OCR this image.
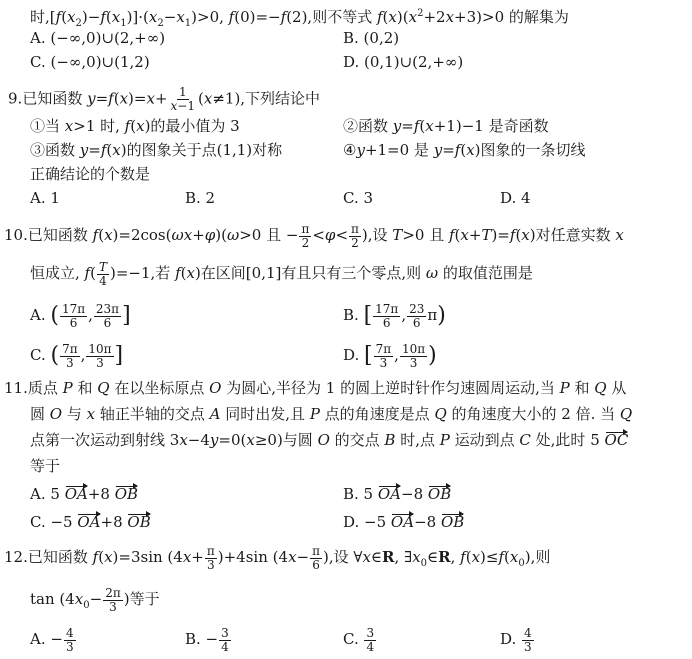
时$,[f(x_2)-f(x_1)]\cdot(x_2-x_1)>0$, f(0)=−f(2),则不等式 $f(x)(x^2+2x+3)>0$ 的解集为
A. (−∞,0)∪(2,+∞)	B. (0,2)
C. (−∞,0)∪(1,2)	D. (0,1)∪(2,+∞)
9.已知函数 $y=f(x)=x+ \frac{1}{x-1} (x\ne 1)$,下列结论中
①当 x>1 时, f(x)的最小值为 3	②函数 y=f(x+1)−1 是奇函数
③函数 y=f(x)的图象关于点(1,1)对称	④y+1=0 是 y=f(x)图象的一条切线
正确结论的个数是
A. 1	B. 2	C. 3	D. 4
10.已知函数 f(x)=2cos(ωx+φ)(ω>0 且 − $\frac{\pi}{2} <\varphi< \frac{\pi}{2}$ ),设 T>0 且 f(x+T)=f(x)对任意实数 x
恒成立, $f( \frac{T}{4} )=-1$,若 f(x)在区间[0,1]有且只有三个零点,则 ω 的取值范围是
A. ( $\frac{17\pi}{6}$ , $\frac{23\pi}{6}$ ]	B. [ $\frac{17\pi}{6}$ , $\frac{23}{6} \pi$)
C. ( $\frac{7\pi}{3}$ , $\frac{10\pi}{3}$ ]	D. [ $\frac{7\pi}{3}$ , $\frac{10\pi}{3}$ )
11.质点 P 和 Q 在以坐标原点 O 为圆心,半径为 1 的圆上逆时针作匀速圆周运动,当 P 和 Q 从
圆 O 与 x 轴正半轴的交点 A 同时出发,且 P 点的角速度是点 Q 的角速度大小的 2 倍. 当 Q
点第一次运动到射线 3x−4y=0(x≥0)与圆 O 的交点 B 时,点 P 运动到点 C 处,此时 5 OC
等于
A. 5 OA+8 OB	B. 5 OA−8 OB
C. −5 OA+8 OB	D. −5 OA−8 OB
12.已知函数 f(x)=3sin $(4x+ \frac{\pi}{3} )+4\sin$ ($4x- \frac{\pi}{6}$ ),设 ∀x∈R, $\exists x_0\in R$, $f(x)\le f(x_0)$,则
$\tan (4x_0- \frac{2\pi}{3}$ )等于
A. − $\frac{4}{3}$	B. − $\frac{3}{4}$	C. $\frac{3}{4}$	D. $\frac{4}{3}$
